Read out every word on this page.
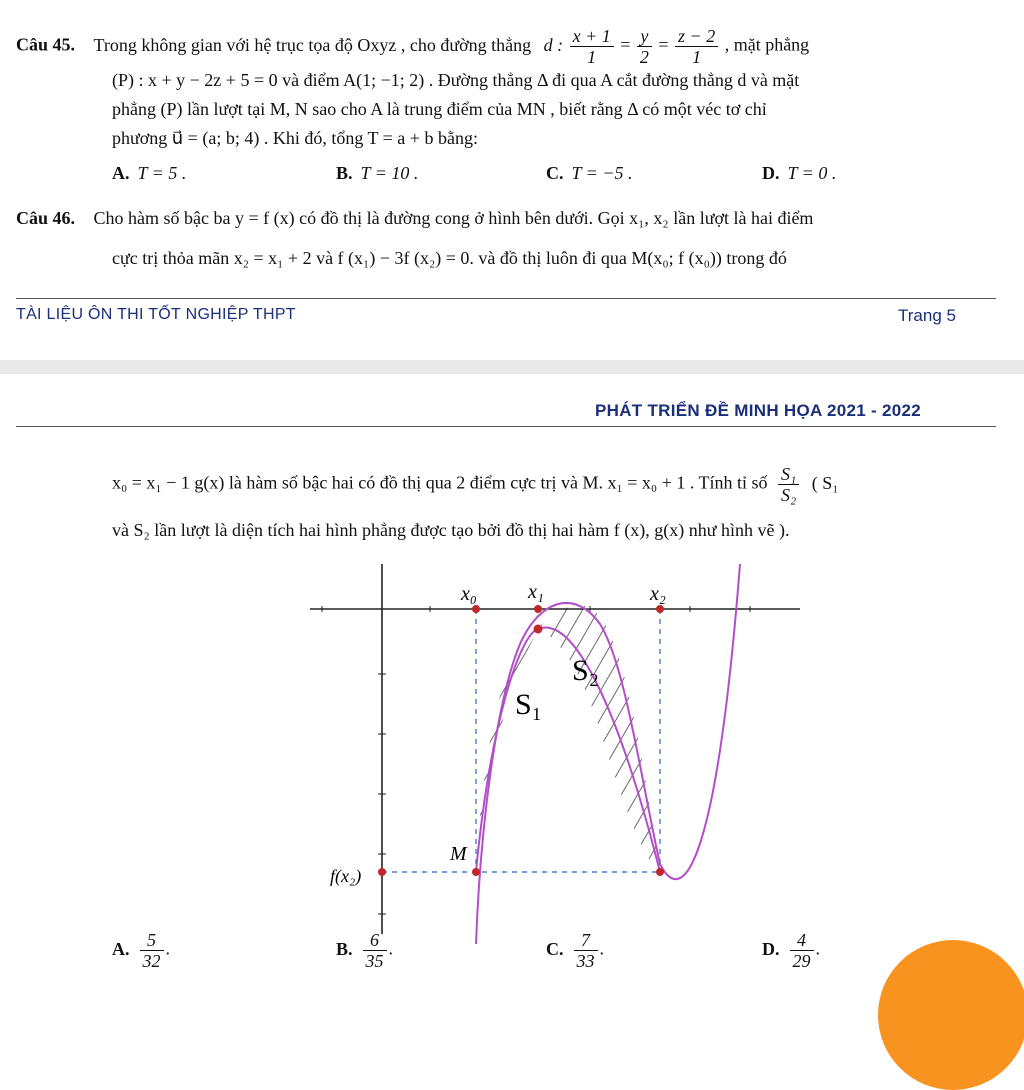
Câu 45. Trong không gian với hệ trục tọa độ Oxyz , cho đường thẳng d : $\frac{x + 1}{1} = \frac{y}{2} = \frac{z - 2}{1}$ , mặt phẳng
(P) : x + y − 2z + 5 = 0 và điểm A(1; −1; 2) . Đường thẳng Δ đi qua A cắt đường thẳng d và mặt
phẳng (P) lần lượt tại M, N sao cho A là trung điểm của MN , biết rằng Δ có một véc tơ chỉ
phương u⃗ = (a; b; 4) . Khi đó, tổng T = a + b bằng:
A. T = 5 .	B. T = 10 .	C. T = −5 .	D. T = 0 .
Câu 46. Cho hàm số bậc ba y = f (x) có đồ thị là đường cong ở hình bên dưới. Gọi x₁, x₂ lần lượt là hai điểm
cực trị thỏa mãn x₂ = x₁ + 2 và f (x₁) − 3f (x₂) = 0. và đồ thị luôn đi qua M(x₀; f (x₀)) trong đó
TÀI LIỆU ÔN THI TỐT NGHIỆP THPT	Trang 5
PHÁT TRIỂN ĐỀ MINH HỌA 2021 - 2022
x₀ = x₁ − 1 g(x) là hàm số bậc hai có đồ thị qua 2 điểm cực trị và M. x₁ = x₀ + 1 . Tính tỉ số $\frac{\text{S₁}}{\text{S₂}}$ ( S₁
và S₂ lần lượt là diện tích hai hình phẳng được tạo bởi đồ thị hai hàm f (x), g(x) như hình vẽ ).
x₀	x₁	x₂
S₂
S₁
M
f(x₂)
A. $\frac{5}{32}$ .	B. $\frac{6}{35}$ .	C. $\frac{7}{33}$ .	D. $\frac{4}{29}$ .
